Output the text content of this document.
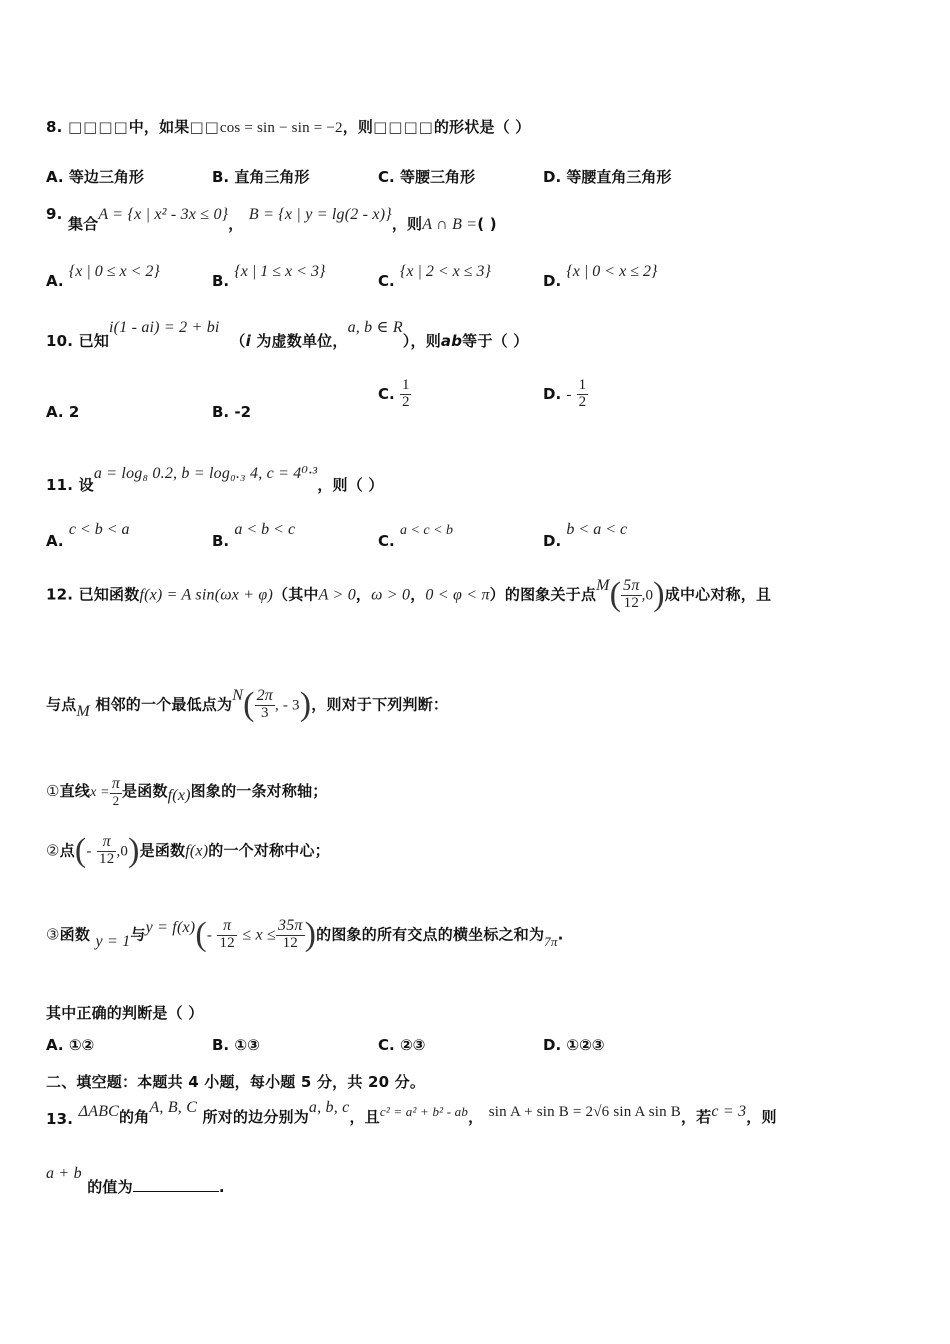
8. □□□□中，如果□□cos = sin − sin = −2，则□□□□的形状是（ ）
A. 等边三角形	B. 直角三角形	C. 等腰三角形	D. 等腰直角三角形
9. 集合A = {x | x² - 3x ≤ 0}， B = {x | y = lg(2 - x)}，则A ∩ B =( )
A. {x | 0 ≤ x < 2}
B. {x | 1 ≤ x < 3}
C. {x | 2 < x ≤ 3}
D. {x | 0 < x ≤ 2}
10. 已知i(1 - ai) = 2 + bi  （i 为虚数单位，a, b ∈ R），则ab等于（ ）
A. 2	B. -2
C. $\frac{1}{2}$	D. - $\frac{1}{2}$
11. 设a = log₈ 0.2, b = log₀.₃ 4, c = 4⁰·³，则（ ）
A. c < b < a
B. a < b < c
C. a < c < b
D. b < a < c
12. 已知函数f(x) = A sin(ωx + φ)（其中A > 0，ω > 0，0 < φ < π）的图象关于点$M( \frac{5\pi}{12} ,0)$成中心对称，且
与点M 相邻的一个最低点为$N( \frac{2\pi}{3}$ , - 3)，则对于下列判断：
①直线$x = \frac{\pi}{2}$ 是函数f(x)图象的一条对称轴；
②点(- $\frac{\pi}{12} ,0$)是函数f(x)的一个对称中心；
③函数 y = 1与$y = f(x)(- \frac{\pi}{12} \le x \le \frac{35\pi}{12}$ )的图象的所有交点的横坐标之和为7π.
其中正确的判断是（ ）
A. ①②	B. ①③	C. ②③	D. ①②③
二、填空题：本题共 4 小题，每小题 5 分，共 20 分。
13. ΔABC的角A, B, C 所对的边分别为a, b, c，且c² = a² + b² - ab， sin A + sin B = 2√6 sin A sin B，若c = 3，则
a + b 的值为	.
